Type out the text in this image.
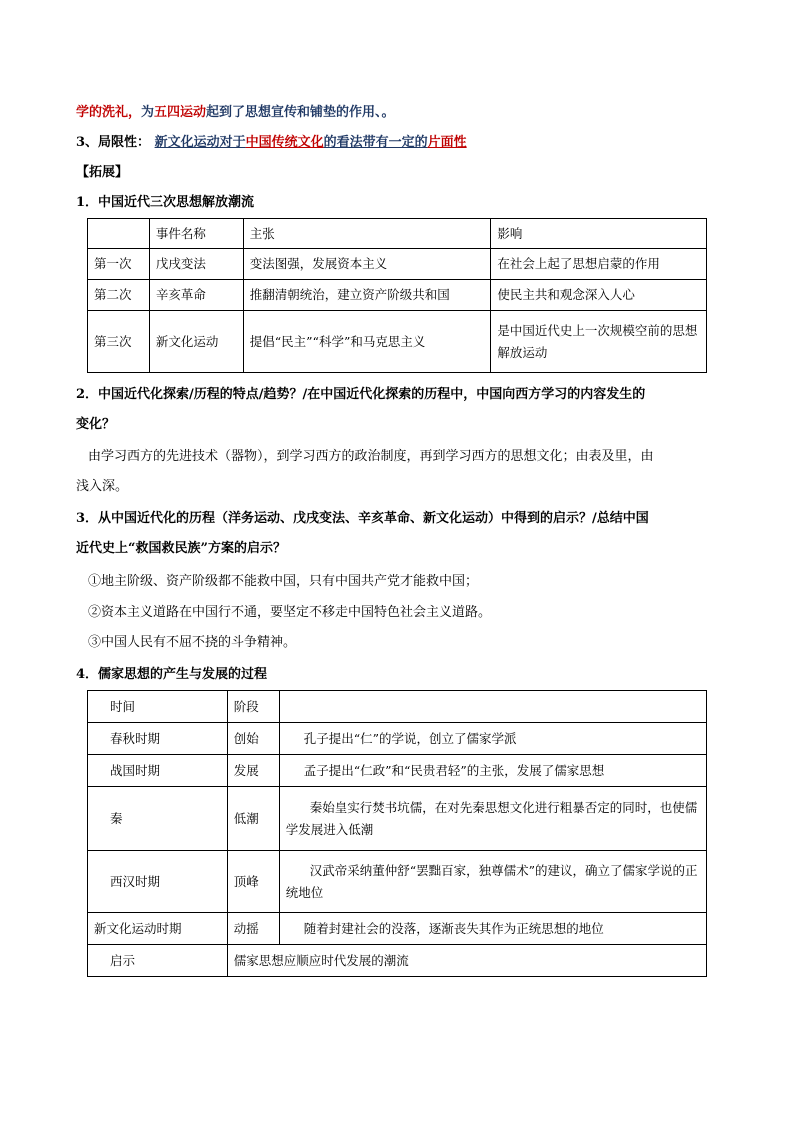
学的洗礼，为五四运动起到了思想宣传和铺垫的作用、。
3、局限性： 新文化运动对于中国传统文化的看法带有一定的片面性
【拓展】
1．中国近代三次思想解放潮流
	事件名称	主张	影响
第一次	戊戌变法	变法图强，发展资本主义	在社会上起了思想启蒙的作用
第二次	辛亥革命	推翻清朝统治，建立资产阶级共和国	使民主共和观念深入人心
第三次	新文化运动	提倡“民主”“科学”和马克思主义	是中国近代史上一次规模空前的思想解放运动
2．中国近代化探索/历程的特点/趋势？/在中国近代化探索的历程中，中国向西方学习的内容发生的
变化？
由学习西方的先进技术（器物），到学习西方的政治制度，再到学习西方的思想文化；由表及里，由
浅入深。
3．从中国近代化的历程（洋务运动、戊戌变法、辛亥革命、新文化运动）中得到的启示？/总结中国
近代史上“救国救民族”方案的启示？
①地主阶级、资产阶级都不能救中国，只有中国共产党才能救中国；
②资本主义道路在中国行不通，要坚定不移走中国特色社会主义道路。
③中国人民有不屈不挠的斗争精神。
4．儒家思想的产生与发展的过程
时间	阶段	
春秋时期	创始	孔子提出“仁”的学说，创立了儒家学派
战国时期	发展	孟子提出“仁政”和“民贵君轻”的主张，发展了儒家思想
秦	低潮	秦始皇实行焚书坑儒，在对先秦思想文化进行粗暴否定的同时，也使儒学发展进入低潮
西汉时期	顶峰	汉武帝采纳董仲舒“罢黜百家，独尊儒术”的建议，确立了儒家学说的正统地位
新文化运动时期	动摇	随着封建社会的没落，逐渐丧失其作为正统思想的地位
启示	儒家思想应顺应时代发展的潮流	
